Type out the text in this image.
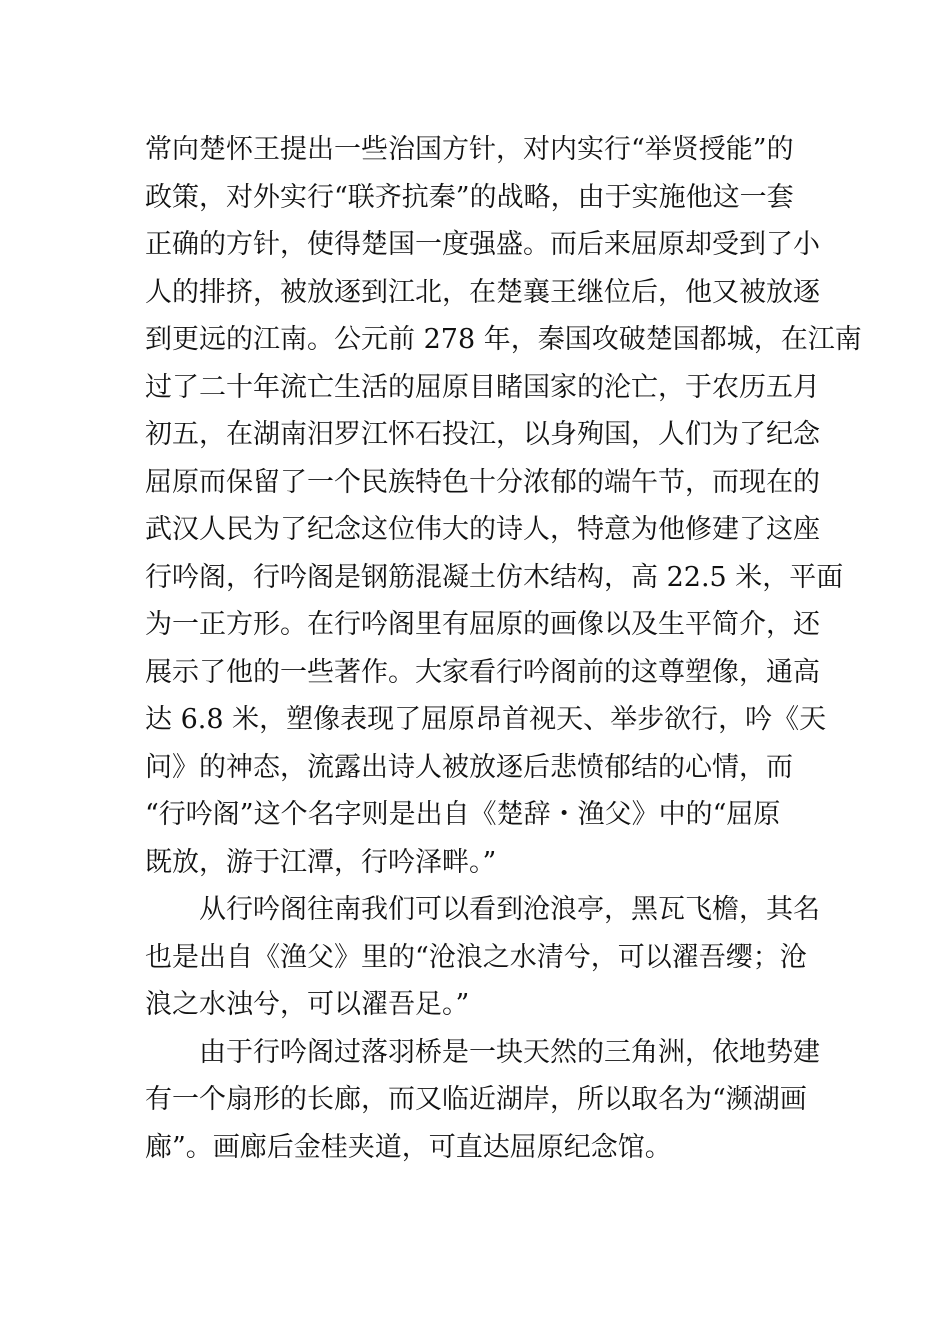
常向楚怀王提出一些治国方针，对内实行“举贤授能”的
政策，对外实行“联齐抗秦”的战略，由于实施他这一套
正确的方针，使得楚国一度强盛。而后来屈原却受到了小
人的排挤，被放逐到江北，在楚襄王继位后，他又被放逐
到更远的江南。公元前 278 年，秦国攻破楚国都城，在江南
过了二十年流亡生活的屈原目睹国家的沦亡，于农历五月
初五，在湖南汨罗江怀石投江，以身殉国，人们为了纪念
屈原而保留了一个民族特色十分浓郁的端午节，而现在的
武汉人民为了纪念这位伟大的诗人，特意为他修建了这座
行吟阁，行吟阁是钢筋混凝土仿木结构，高 22.5 米，平面
为一正方形。在行吟阁里有屈原的画像以及生平简介，还
展示了他的一些著作。大家看行吟阁前的这尊塑像，通高
达 6.8 米，塑像表现了屈原昂首视天、举步欲行，吟《天
问》的神态，流露出诗人被放逐后悲愤郁结的心情，而
“行吟阁”这个名字则是出自《楚辞・渔父》中的“屈原
既放，游于江潭，行吟泽畔。”
从行吟阁往南我们可以看到沧浪亭，黑瓦飞檐，其名
也是出自《渔父》里的“沧浪之水清兮，可以濯吾缨；沧
浪之水浊兮，可以濯吾足。”
由于行吟阁过落羽桥是一块天然的三角洲，依地势建
有一个扇形的长廊，而又临近湖岸，所以取名为“濒湖画
廊”。画廊后金桂夹道，可直达屈原纪念馆。
